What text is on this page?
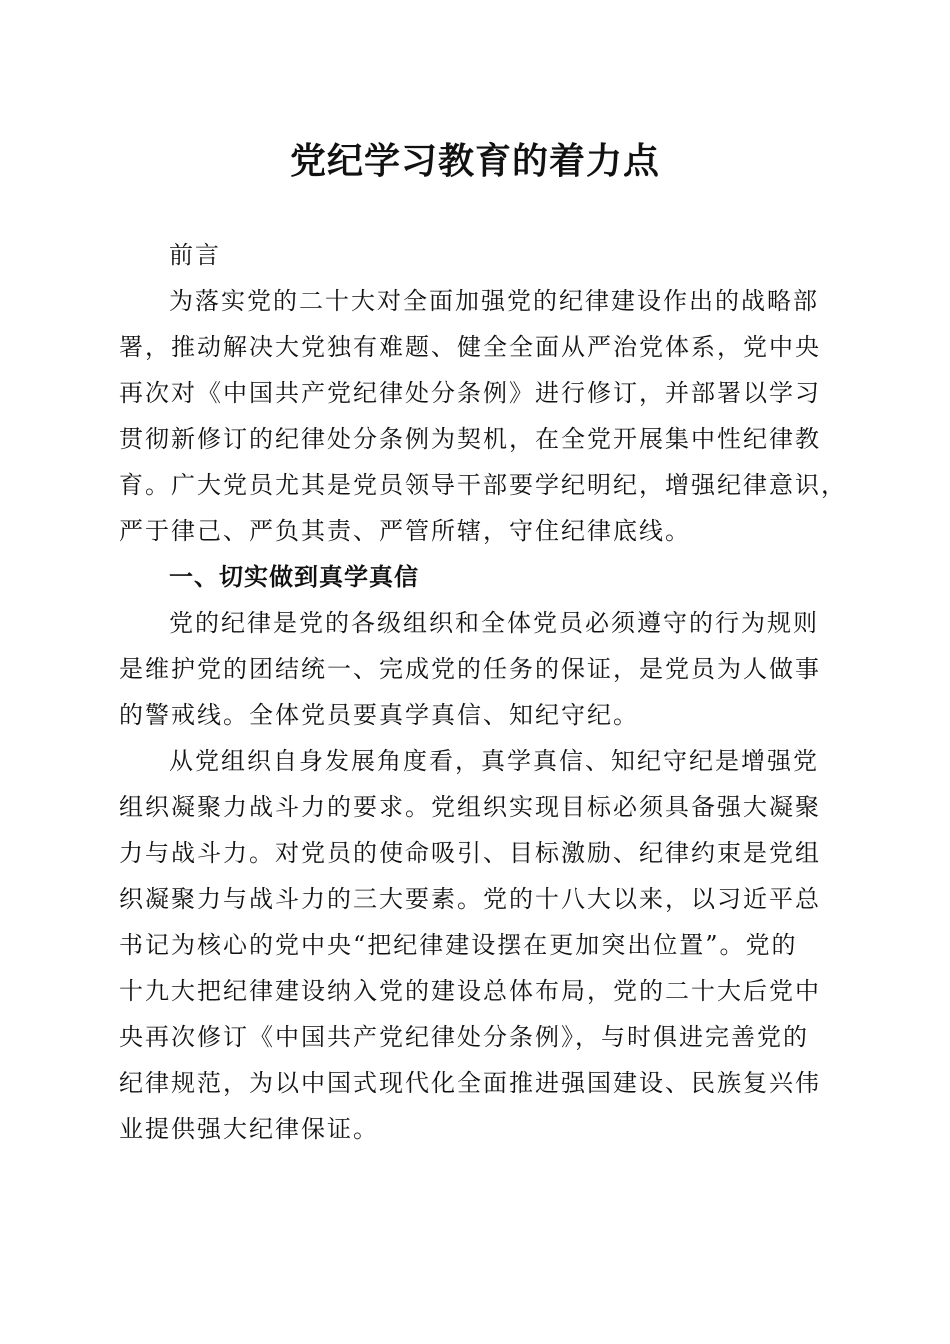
党纪学习教育的着力点

前言

为落实党的二十大对全面加强党的纪律建设作出的战略部

署，推动解决大党独有难题、健全全面从严治党体系，党中央

再次对《中国共产党纪律处分条例》进行修订，并部署以学习

贯彻新修订的纪律处分条例为契机，在全党开展集中性纪律教

育。广大党员尤其是党员领导干部要学纪明纪，增强纪律意识，

严于律己、严负其责、严管所辖，守住纪律底线。

一、切实做到真学真信

党的纪律是党的各级组织和全体党员必须遵守的行为规则

是维护党的团结统一、完成党的任务的保证，是党员为人做事

的警戒线。全体党员要真学真信、知纪守纪。

从党组织自身发展角度看，真学真信、知纪守纪是增强党

组织凝聚力战斗力的要求。党组织实现目标必须具备强大凝聚

力与战斗力。对党员的使命吸引、目标激励、纪律约束是党组

织凝聚力与战斗力的三大要素。党的十八大以来，以习近平总

书记为核心的党中央“把纪律建设摆在更加突出位置”。党的

十九大把纪律建设纳入党的建设总体布局，党的二十大后党中

央再次修订《中国共产党纪律处分条例》，与时俱进完善党的

纪律规范，为以中国式现代化全面推进强国建设、民族复兴伟

业提供强大纪律保证。
